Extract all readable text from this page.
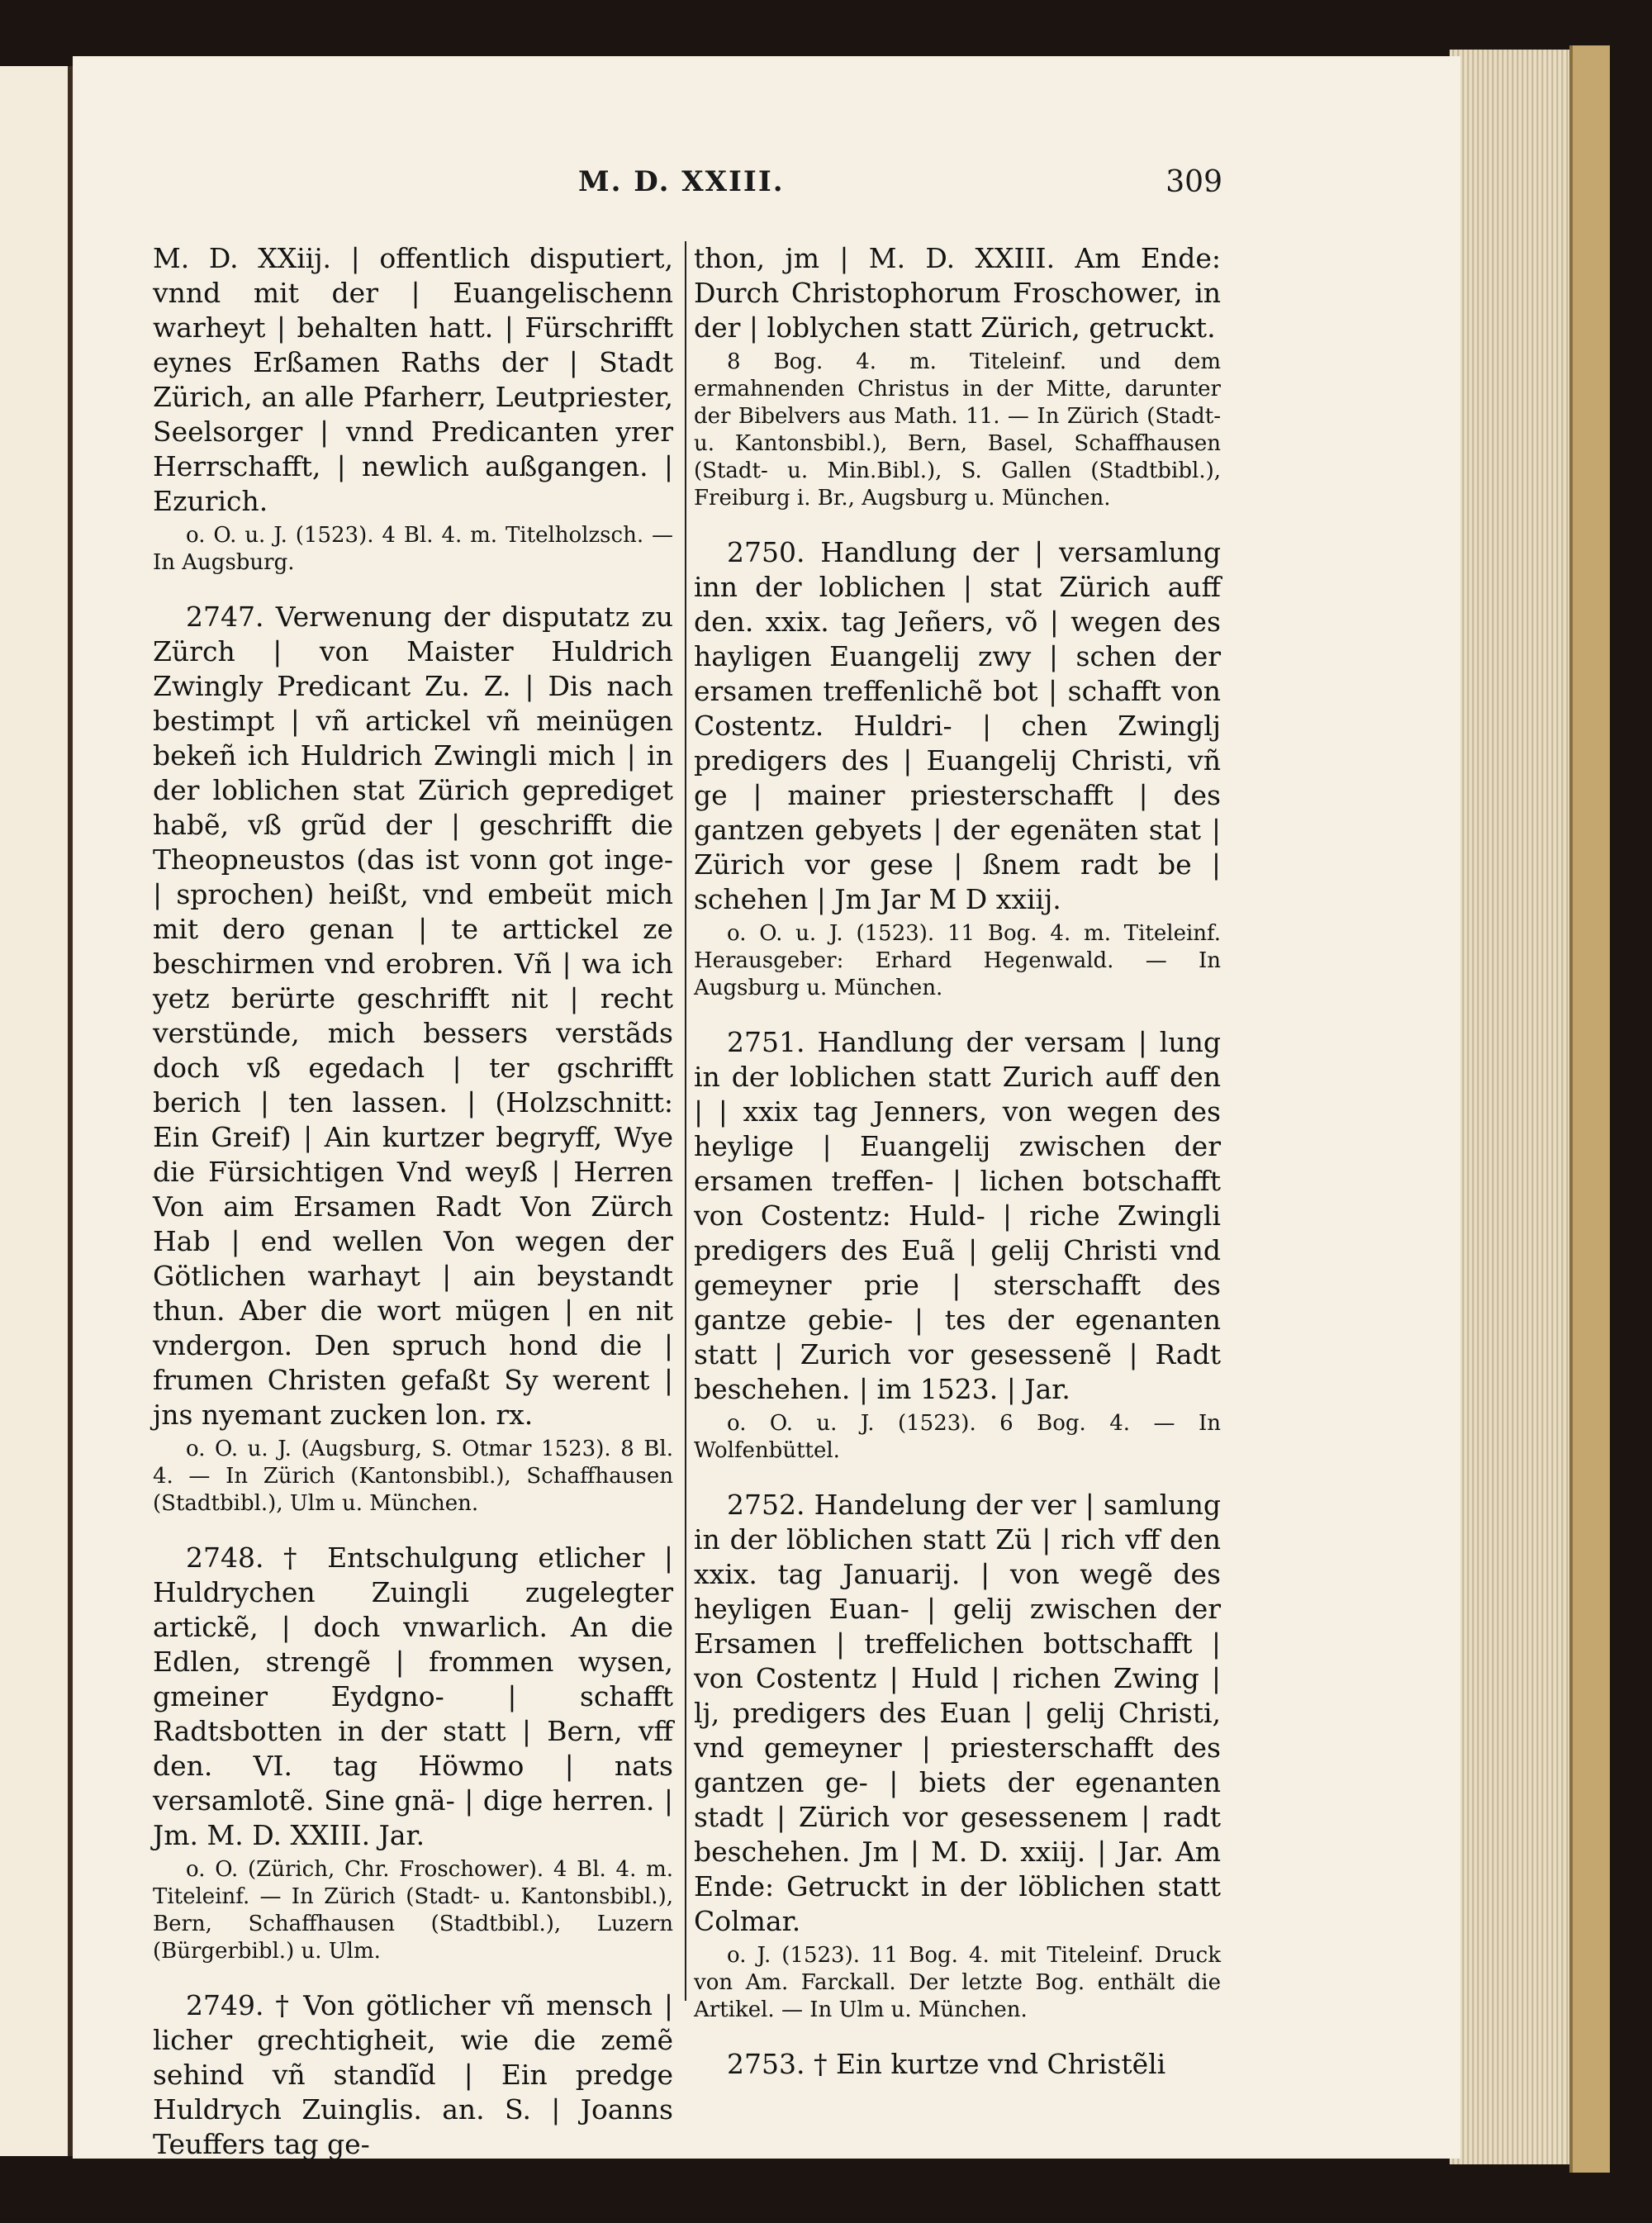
M. D. XXIII.	309

M. D. XXiij. | offentlich disputiert, vnnd mit der | Euangelischenn warheyt | behalten hatt. | Fürschrifft eynes Erßamen Raths der | Stadt Zürich, an alle Pfarherr, Leutpriester, Seelsorger | vnnd Predicanten yrer Herrschafft, | newlich außgangen. | Ezurich.

o. O. u. J. (1523). 4 Bl. 4. m. Titelholzsch. — In Augsburg.

2747. Verwenung der disputatz zu Zürch | von Maister Huldrich Zwingly Predicant Zu. Z. | Dis nach bestimpt | vñ artickel vñ meinügen bekeñ ich Huldrich Zwingli mich | in der loblichen stat Zürich geprediget habẽ, vß grũd der | geschrifft die Theopneustos (das ist vonn got inge- | sprochen) heißt, vnd embeüt mich mit dero genan | te arttickel ze beschirmen vnd erobren. Vñ | wa ich yetz berürte geschrifft nit | recht verstünde, mich bessers verstãds doch vß egedach | ter gschrifft berich | ten lassen. | (Holzschnitt: Ein Greif) | Ain kurtzer begryff, Wye die Fürsichtigen Vnd weyß | Herren Von aim Ersamen Radt Von Zürch Hab | end wellen Von wegen der Götlichen warhayt | ain beystandt thun. Aber die wort mügen | en nit vndergon. Den spruch hond die | frumen Christen gefaßt Sy werent | jns nyemant zucken lon. rx.

o. O. u. J. (Augsburg, S. Otmar 1523). 8 Bl. 4. — In Zürich (Kantonsbibl.), Schaffhausen (Stadtbibl.), Ulm u. München.

2748. † Entschulgung etlicher | Huldrychen Zuingli zugelegter artickẽ, | doch vnwarlich. An die Edlen, strengẽ | frommen wysen, gmeiner Eydgno- | schafft Radtsbotten in der statt | Bern, vff den. VI. tag Höwmo | nats versamlotẽ. Sine gnä- | dige herren. | Jm. M. D. XXIII. Jar.

o. O. (Zürich, Chr. Froschower). 4 Bl. 4. m. Titeleinf. — In Zürich (Stadt- u. Kantonsbibl.), Bern, Schaffhausen (Stadtbibl.), Luzern (Bürgerbibl.) u. Ulm.

2749. † Von götlicher vñ mensch | licher grechtigheit, wie die zemẽ sehind vñ standĩd | Ein predge Huldrych Zuinglis. an. S. | Joanns Teuffers tag ge-

thon, jm | M. D. XXIII. Am Ende: Durch Christophorum Froschower, in der | loblychen statt Zürich, getruckt.

8 Bog. 4. m. Titeleinf. und dem ermahnenden Christus in der Mitte, darunter der Bibelvers aus Math. 11. — In Zürich (Stadt- u. Kantonsbibl.), Bern, Basel, Schaffhausen (Stadt- u. Min.Bibl.), S. Gallen (Stadtbibl.), Freiburg i. Br., Augsburg u. München.

2750. Handlung der | versamlung inn der loblichen | stat Zürich auff den. xxix. tag Jeñers, võ | wegen des hayligen Euangelij zwy | schen der ersamen treffenlichẽ bot | schafft von Costentz. Huldri- | chen Zwinglj predigers des | Euangelij Christi, vñ ge | mainer priesterschafft | des gantzen gebyets | der egenäten stat | Zürich vor gese | ßnem radt be | schehen | Jm Jar M D xxiij.

o. O. u. J. (1523). 11 Bog. 4. m. Titeleinf. Herausgeber: Erhard Hegenwald. — In Augsburg u. München.

2751. Handlung der versam | lung in der loblichen statt Zurich auff den | | xxix tag Jenners, von wegen des heylige | Euangelij zwischen der ersamen treffen- | lichen botschafft von Costentz: Huld- | riche Zwingli predigers des Euã | gelij Christi vnd gemeyner prie | sterschafft des gantze gebie- | tes der egenanten statt | Zurich vor gesessenẽ | Radt beschehen. | im 1523. | Jar.

o. O. u. J. (1523). 6 Bog. 4. — In Wolfenbüttel.

2752. Handelung der ver | samlung in der löblichen statt Zü | rich vff den xxix. tag Januarij. | von wegẽ des heyligen Euan- | gelij zwischen der Ersamen | treffelichen bottschafft | von Costentz | Huld | richen Zwing | lj, predigers des Euan | gelij Christi, vnd gemeyner | priesterschafft des gantzen ge- | biets der egenanten stadt | Zürich vor gesessenem | radt beschehen. Jm | M. D. xxiij. | Jar. Am Ende: Getruckt in der löblichen statt Colmar.

o. J. (1523). 11 Bog. 4. mit Titeleinf. Druck von Am. Farckall. Der letzte Bog. enthält die Artikel. — In Ulm u. München.

2753. † Ein kurtze vnd Christẽli
